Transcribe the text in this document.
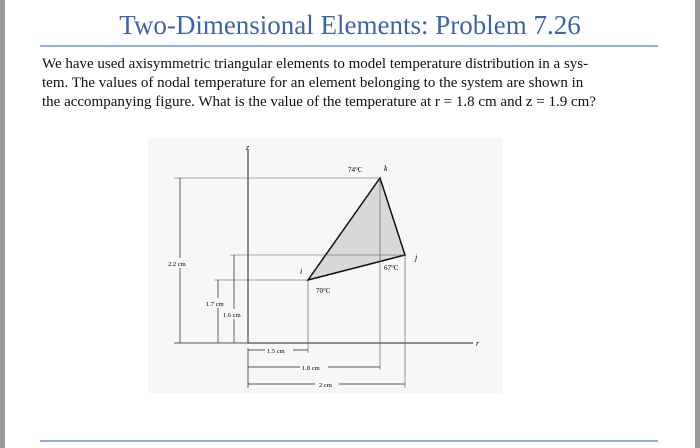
Two-Dimensional Elements: Problem 7.26

We have used axisymmetric triangular elements to model temperature distribution in a sys-

tem. The values of nodal temperature for an element belonging to the system are shown in

the accompanying figure. What is the value of the temperature at r = 1.8 cm and z = 1.9 cm?

z
r
i
j
k
70°C
67°C
74°C
2.2 cm
1.7 cm
1.6 cm
1.5 cm
1.8 cm
2 cm
